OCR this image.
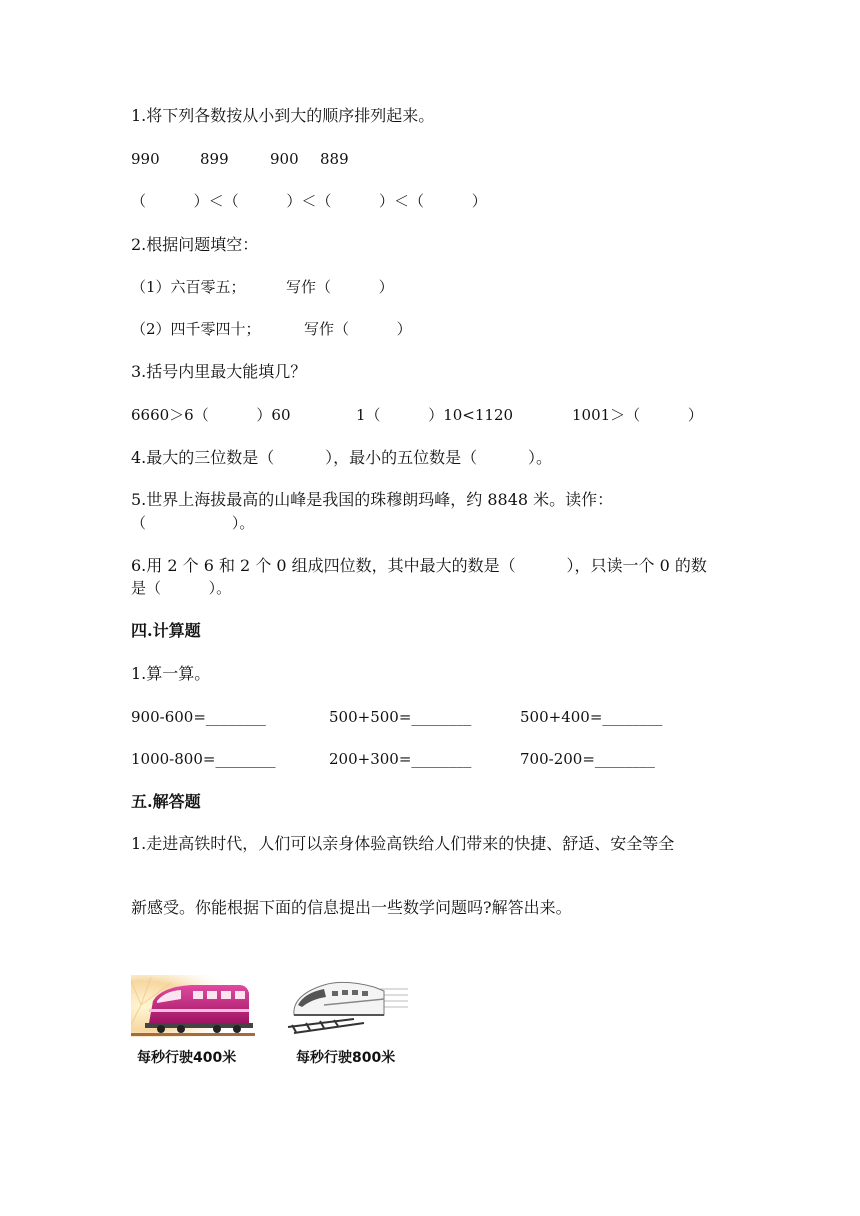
1.将下列各数按从小到大的顺序排列起来。
990	899	900 889
（          ）＜（          ）＜（          ）＜（          ）
2.根据问题填空：
（1）六百零五；	写作（          ）
（2）四千零四十；	写作（          ）
3.括号内里最大能填几？
6660＞6（          ）60	1（          ）10<1120	1001＞（          ）
4.最大的三位数是（          ），最小的五位数是（          ）。
5.世界上海拔最高的山峰是我国的珠穆朗玛峰，约 8848 米。读作：
（                  ）。
6.用 2 个 6 和 2 个 0 组成四位数，其中最大的数是（          ），只读一个 0 的数
是（          ）。
四.计算题
1.算一算。
900-600=________	500+500=________	500+400=________
1000-800=________	200+300=________	700-200=________
五.解答题
1.走进高铁时代，人们可以亲身体验高铁给人们带来的快捷、舒适、安全等全
新感受。你能根据下面的信息提出一些数学问题吗?解答出来。
每秒行驶400米	每秒行驶800米
